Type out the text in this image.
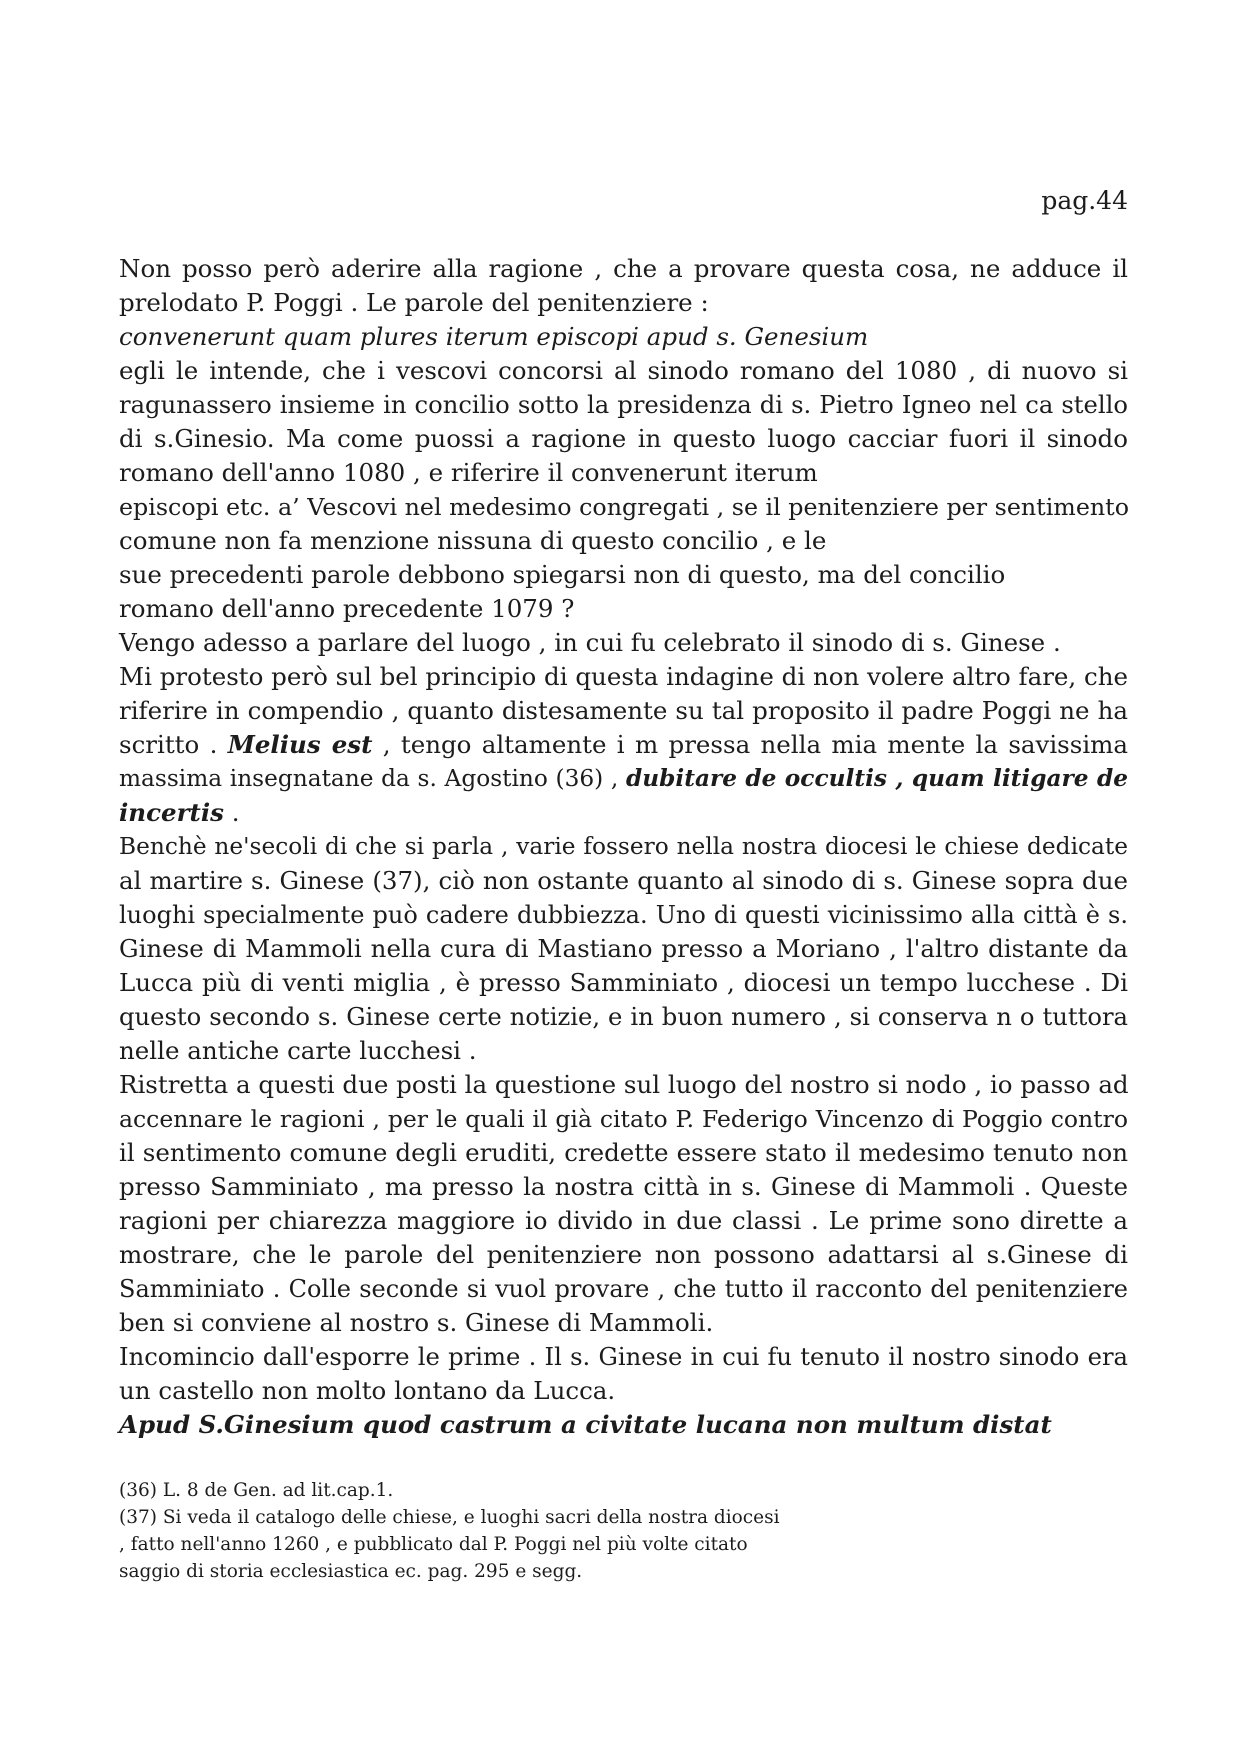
pag.44
Non posso però aderire alla ragione , che a provare questa cosa, ne adduce il
prelodato P. Poggi . Le parole del penitenziere :
convenerunt quam plures iterum episcopi apud s. Genesium
egli le intende, che i vescovi concorsi al sinodo romano del 1080 , di nuovo si
ragunassero insieme in concilio sotto la presidenza di s. Pietro Igneo nel ca stello
di s.Ginesio. Ma come puossi a ragione in questo luogo cacciar fuori il sinodo
romano dell'anno 1080 , e riferire il convenerunt iterum
episcopi etc. a’ Vescovi nel medesimo congregati , se il penitenziere per sentimento
comune non fa menzione nissuna di questo concilio , e le
sue precedenti parole debbono spiegarsi non di questo, ma del concilio
romano dell'anno precedente 1079 ?
Vengo adesso a parlare del luogo , in cui fu celebrato il sinodo di s. Ginese .
Mi protesto però sul bel principio di questa indagine di non volere altro fare, che
riferire in compendio , quanto distesamente su tal proposito il padre Poggi ne ha
scritto . Melius est , tengo altamente i m pressa nella mia mente la savissima
massima insegnatane da s. Agostino (36) , dubitare de occultis , quam litigare de
incertis .
Benchè ne'secoli di che si parla , varie fossero nella nostra diocesi le chiese dedicate
al martire s. Ginese (37), ciò non ostante quanto al sinodo di s. Ginese sopra due
luoghi specialmente può cadere dubbiezza. Uno di questi vicinissimo alla città è s.
Ginese di Mammoli nella cura di Mastiano presso a Moriano , l'altro distante da
Lucca più di venti miglia , è presso Samminiato , diocesi un tempo lucchese . Di
questo secondo s. Ginese certe notizie, e in buon numero , si conserva n o tuttora
nelle antiche carte lucchesi .
Ristretta a questi due posti la questione sul luogo del nostro si nodo , io passo ad
accennare le ragioni , per le quali il già citato P. Federigo Vincenzo di Poggio contro
il sentimento comune degli eruditi, credette essere stato il medesimo tenuto non
presso Samminiato , ma presso la nostra città in s. Ginese di Mammoli . Queste
ragioni per chiarezza maggiore io divido in due classi . Le prime sono dirette a
mostrare, che le parole del penitenziere non possono adattarsi al s.Ginese di
Samminiato . Colle seconde si vuol provare , che tutto il racconto del penitenziere
ben si conviene al nostro s. Ginese di Mammoli.
Incomincio dall'esporre le prime . Il s. Ginese in cui fu tenuto il nostro sinodo era
un castello non molto lontano da Lucca.
Apud S.Ginesium quod castrum a civitate lucana non multum distat
(36) L. 8 de Gen. ad lit.cap.1.
(37) Si veda il catalogo delle chiese, e luoghi sacri della nostra diocesi
, fatto nell'anno 1260 , e pubblicato dal P. Poggi nel più volte citato
saggio di storia ecclesiastica ec. pag. 295 e segg.
